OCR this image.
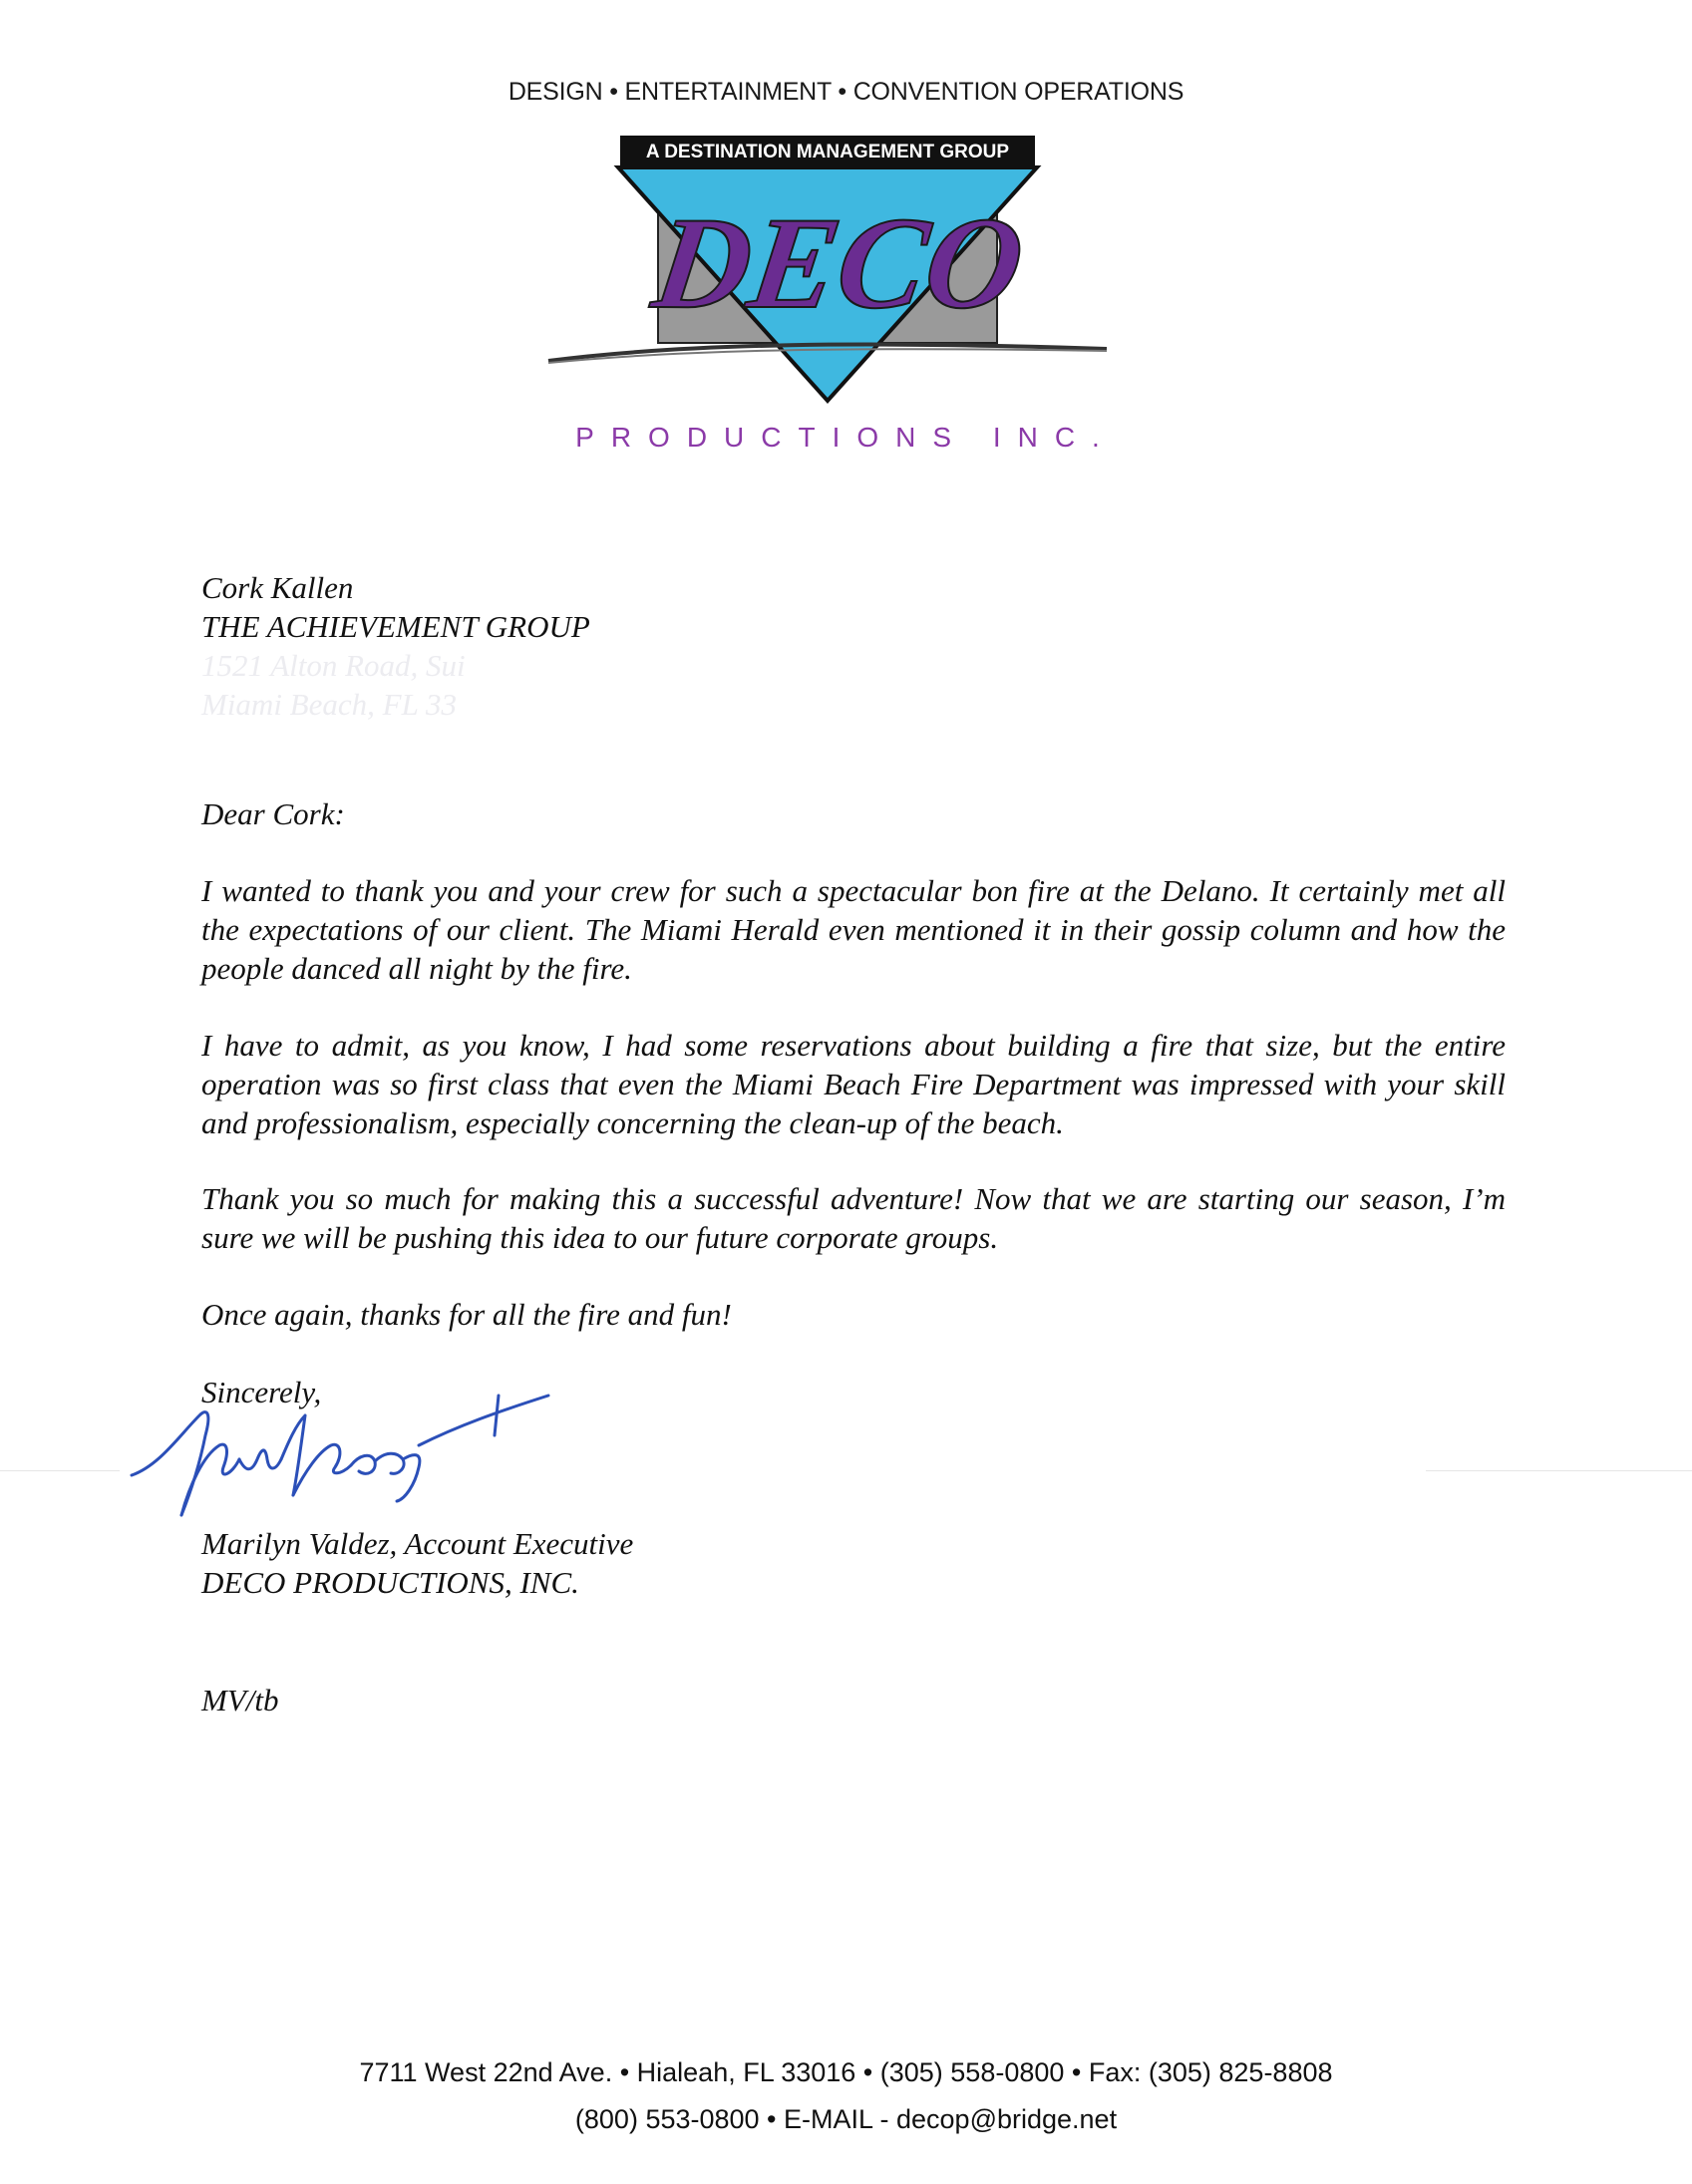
DESIGN • ENTERTAINMENT • CONVENTION OPERATIONS
A DESTINATION MANAGEMENT GROUP
DECO
PRODUCTIONS INC.
Cork Kallen
THE ACHIEVEMENT GROUP
1521 Alton Road, Sui
Miami Beach, FL 33
Dear Cork:
I wanted to thank you and your crew for such a spectacular bon fire at the Delano. It certainly met all the expectations of our client. The Miami Herald even mentioned it in their gossip column and how the people danced all night by the fire.
I have to admit, as you know, I had some reservations about building a fire that size, but the entire operation was so first class that even the Miami Beach Fire Department was impressed with your skill and professionalism, especially concerning the clean-up of the beach.
Thank you so much for making this a successful adventure! Now that we are starting our season, I’m sure we will be pushing this idea to our future corporate groups.
Once again, thanks for all the fire and fun!
Sincerely,
Marilyn Valdez, Account Executive
DECO PRODUCTIONS, INC.
MV/tb
7711 West 22nd Ave. • Hialeah, FL 33016 • (305) 558-0800 • Fax: (305) 825-8808
(800) 553-0800 • E-MAIL - decop@bridge.net
